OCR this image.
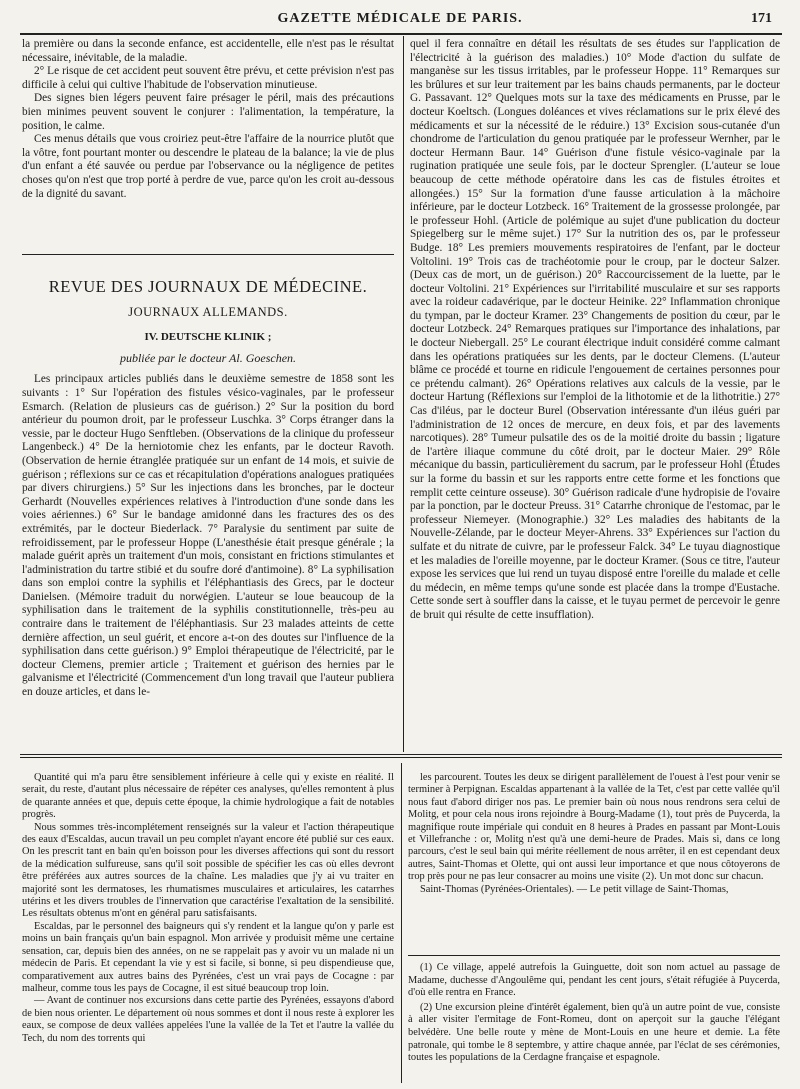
GAZETTE MÉDICALE DE PARIS.	171

la première ou dans la seconde enfance, est accidentelle, elle n'est pas le résultat nécessaire, inévitable, de la maladie.

2° Le risque de cet accident peut souvent être prévu, et cette prévision n'est pas difficile à celui qui cultive l'habitude de l'observation minutieuse.

Des signes bien légers peuvent faire présager le péril, mais des précautions bien minimes peuvent souvent le conjurer : l'alimentation, la température, la position, le calme.

Ces menus détails que vous croiriez peut-être l'affaire de la nourrice plutôt que la vôtre, font pourtant monter ou descendre le plateau de la balance; la vie de plus d'un enfant a été sauvée ou perdue par l'observance ou la négligence de petites choses qu'on n'est que trop porté à perdre de vue, parce qu'on les croit au-dessous de la dignité du savant.

REVUE DES JOURNAUX DE MÉDECINE.
JOURNAUX ALLEMANDS.
IV. DEUTSCHE KLINIK ;
publiée par le docteur Al. Goeschen.

Les principaux articles publiés dans le deuxième semestre de 1858 sont les suivants : 1° Sur l'opération des fistules vésico-vaginales, par le professeur Esmarch. (Relation de plusieurs cas de guérison.) 2° Sur la position du bord antérieur du poumon droit, par le professeur Luschka. 3° Corps étranger dans la vessie, par le docteur Hugo Senftleben. (Observations de la clinique du professeur Langenbeck.) 4° De la herniotomie chez les enfants, par le docteur Ravoth. (Observation de hernie étranglée pratiquée sur un enfant de 14 mois, et suivie de guérison ; réflexions sur ce cas et récapitulation d'opérations analogues pratiquées par divers chirurgiens.) 5° Sur les injections dans les bronches, par le docteur Gerhardt (Nouvelles expériences relatives à l'introduction d'une sonde dans les voies aériennes.) 6° Sur le bandage amidonné dans les fractures des os des extrémités, par le docteur Biederlack. 7° Paralysie du sentiment par suite de refroidissement, par le professeur Hoppe (L'anesthésie était presque générale ; la malade guérit après un traitement d'un mois, consistant en frictions stimulantes et l'administration du tartre stibié et du soufre doré d'antimoine). 8° La syphilisation dans son emploi contre la syphilis et l'éléphantiasis des Grecs, par le docteur Danielsen. (Mémoire traduit du norwégien. L'auteur se loue beaucoup de la syphilisation dans le traitement de la syphilis constitutionnelle, très-peu au contraire dans le traitement de l'éléphantiasis. Sur 23 malades atteints de cette dernière affection, un seul guérit, et encore a-t-on des doutes sur l'influence de la syphilisation dans cette guérison.) 9° Emploi thérapeutique de l'électricité, par le docteur Clemens, premier article ; Traitement et guérison des hernies par le galvanisme et l'électricité (Commencement d'un long travail que l'auteur publiera en douze articles, et dans le-

quel il fera connaître en détail les résultats de ses études sur l'application de l'électricité à la guérison des maladies.) 10° Mode d'action du sulfate de manganèse sur les tissus irritables, par le professeur Hoppe. 11° Remarques sur les brûlures et sur leur traitement par les bains chauds permanents, par le docteur G. Passavant. 12° Quelques mots sur la taxe des médicaments en Prusse, par le docteur Koeltsch. (Longues doléances et vives réclamations sur le prix élevé des médicaments et sur la nécessité de le réduire.) 13° Excision sous-cutanée d'un chondrome de l'articulation du genou pratiquée par le professeur Wernher, par le docteur Hermann Baur. 14° Guérison d'une fistule vésico-vaginale par la rugination pratiquée une seule fois, par le docteur Sprengler. (L'auteur se loue beaucoup de cette méthode opératoire dans les cas de fistules étroites et allongées.) 15° Sur la formation d'une fausse articulation à la mâchoire inférieure, par le docteur Lotzbeck. 16° Traitement de la grossesse prolongée, par le professeur Hohl. (Article de polémique au sujet d'une publication du docteur Spiegelberg sur le même sujet.) 17° Sur la nutrition des os, par le professeur Budge. 18° Les premiers mouvements respiratoires de l'enfant, par le docteur Voltolini. 19° Trois cas de trachéotomie pour le croup, par le docteur Salzer. (Deux cas de mort, un de guérison.) 20° Raccourcissement de la luette, par le docteur Voltolini. 21° Expériences sur l'irritabilité musculaire et sur ses rapports avec la roideur cadavérique, par le docteur Heinike. 22° Inflammation chronique du tympan, par le docteur Kramer. 23° Changements de position du cœur, par le docteur Lotzbeck. 24° Remarques pratiques sur l'importance des inhalations, par le docteur Niebergall. 25° Le courant électrique induit considéré comme calmant dans les opérations pratiquées sur les dents, par le docteur Clemens. (L'auteur blâme ce procédé et tourne en ridicule l'engouement de certaines personnes pour ce prétendu calmant). 26° Opérations relatives aux calculs de la vessie, par le docteur Hartung (Réflexions sur l'emploi de la lithotomie et de la lithotritie.) 27° Cas d'iléus, par le docteur Burel (Observation intéressante d'un iléus guéri par l'administration de 12 onces de mercure, en deux fois, et par des lavements narcotiques). 28° Tumeur pulsatile des os de la moitié droite du bassin ; ligature de l'artère iliaque commune du côté droit, par le docteur Maier. 29° Rôle mécanique du bassin, particulièrement du sacrum, par le professeur Hohl (Études sur la forme du bassin et sur les rapports entre cette forme et les fonctions que remplit cette ceinture osseuse). 30° Guérison radicale d'une hydropisie de l'ovaire par la ponction, par le docteur Preuss. 31° Catarrhe chronique de l'estomac, par le professeur Niemeyer. (Monographie.) 32° Les maladies des habitants de la Nouvelle-Zélande, par le docteur Meyer-Ahrens. 33° Expériences sur l'action du sulfate et du nitrate de cuivre, par le professeur Falck. 34° Le tuyau diagnostique et les maladies de l'oreille moyenne, par le docteur Kramer. (Sous ce titre, l'auteur expose les services que lui rend un tuyau disposé entre l'oreille du malade et celle du médecin, en même temps qu'une sonde est placée dans la trompe d'Eustache. Cette sonde sert à souffler dans la caisse, et le tuyau permet de percevoir le genre de bruit qui résulte de cette insufflation).

Quantité qui m'a paru être sensiblement inférieure à celle qui y existe en réalité. Il serait, du reste, d'autant plus nécessaire de répéter ces analyses, qu'elles remontent à plus de quarante années et que, depuis cette époque, la chimie hydrologique a fait de notables progrès.

Nous sommes très-incomplétement renseignés sur la valeur et l'action thérapeutique des eaux d'Escaldas, aucun travail un peu complet n'ayant encore été publié sur ces eaux. On les prescrit tant en bain qu'en boisson pour les diverses affections qui sont du ressort de la médication sulfureuse, sans qu'il soit possible de spécifier les cas où elles devront être préférées aux autres sources de la chaîne. Les maladies que j'y ai vu traiter en majorité sont les dermatoses, les rhumatismes musculaires et articulaires, les catarrhes utérins et les divers troubles de l'innervation que caractérise l'exaltation de la sensibilité. Les résultats obtenus m'ont en général paru satisfaisants.

Escaldas, par le personnel des baigneurs qui s'y rendent et la langue qu'on y parle est moins un bain français qu'un bain espagnol. Mon arrivée y produisit même une certaine sensation, car, depuis bien des années, on ne se rappelait pas y avoir vu un malade ni un médecin de Paris. Et cependant la vie y est si facile, si bonne, si peu dispendieuse que, comparativement aux autres bains des Pyrénées, c'est un vrai pays de Cocagne : par malheur, comme tous les pays de Cocagne, il est situé beaucoup trop loin.

— Avant de continuer nos excursions dans cette partie des Pyrénées, essayons d'abord de bien nous orienter. Le département où nous sommes et dont il nous reste à explorer les eaux, se compose de deux vallées appelées l'une la vallée de la Tet et l'autre la vallée du Tech, du nom des torrents qui

les parcourent. Toutes les deux se dirigent parallèlement de l'ouest à l'est pour venir se terminer à Perpignan. Escaldas appartenant à la vallée de la Tet, c'est par cette vallée qu'il nous faut d'abord diriger nos pas. Le premier bain où nous nous rendrons sera celui de Molitg, et pour cela nous irons rejoindre à Bourg-Madame (1), tout près de Puycerda, la magnifique route impériale qui conduit en 8 heures à Prades en passant par Mont-Louis et Villefranche : or, Molitg n'est qu'à une demi-heure de Prades. Mais si, dans ce long parcours, c'est le seul bain qui mérite réellement de nous arrêter, il en est cependant deux autres, Saint-Thomas et Olette, qui ont aussi leur importance et que nous côtoyerons de trop près pour ne pas leur consacrer au moins une visite (2). Un mot donc sur chacun.

Saint-Thomas (Pyrénées-Orientales). — Le petit village de Saint-Thomas,

(1) Ce village, appelé autrefois la Guinguette, doit son nom actuel au passage de Madame, duchesse d'Angoulême qui, pendant les cent jours, s'était réfugiée à Puycerda, d'où elle rentra en France.

(2) Une excursion pleine d'intérêt également, bien qu'à un autre point de vue, consiste à aller visiter l'ermitage de Font-Romeu, dont on aperçoit sur la gauche l'élégant belvédère. Une belle route y mène de Mont-Louis en une heure et demie. La fête patronale, qui tombe le 8 septembre, y attire chaque année, par l'éclat de ses cérémonies, toutes les populations de la Cerdagne française et espagnole.
